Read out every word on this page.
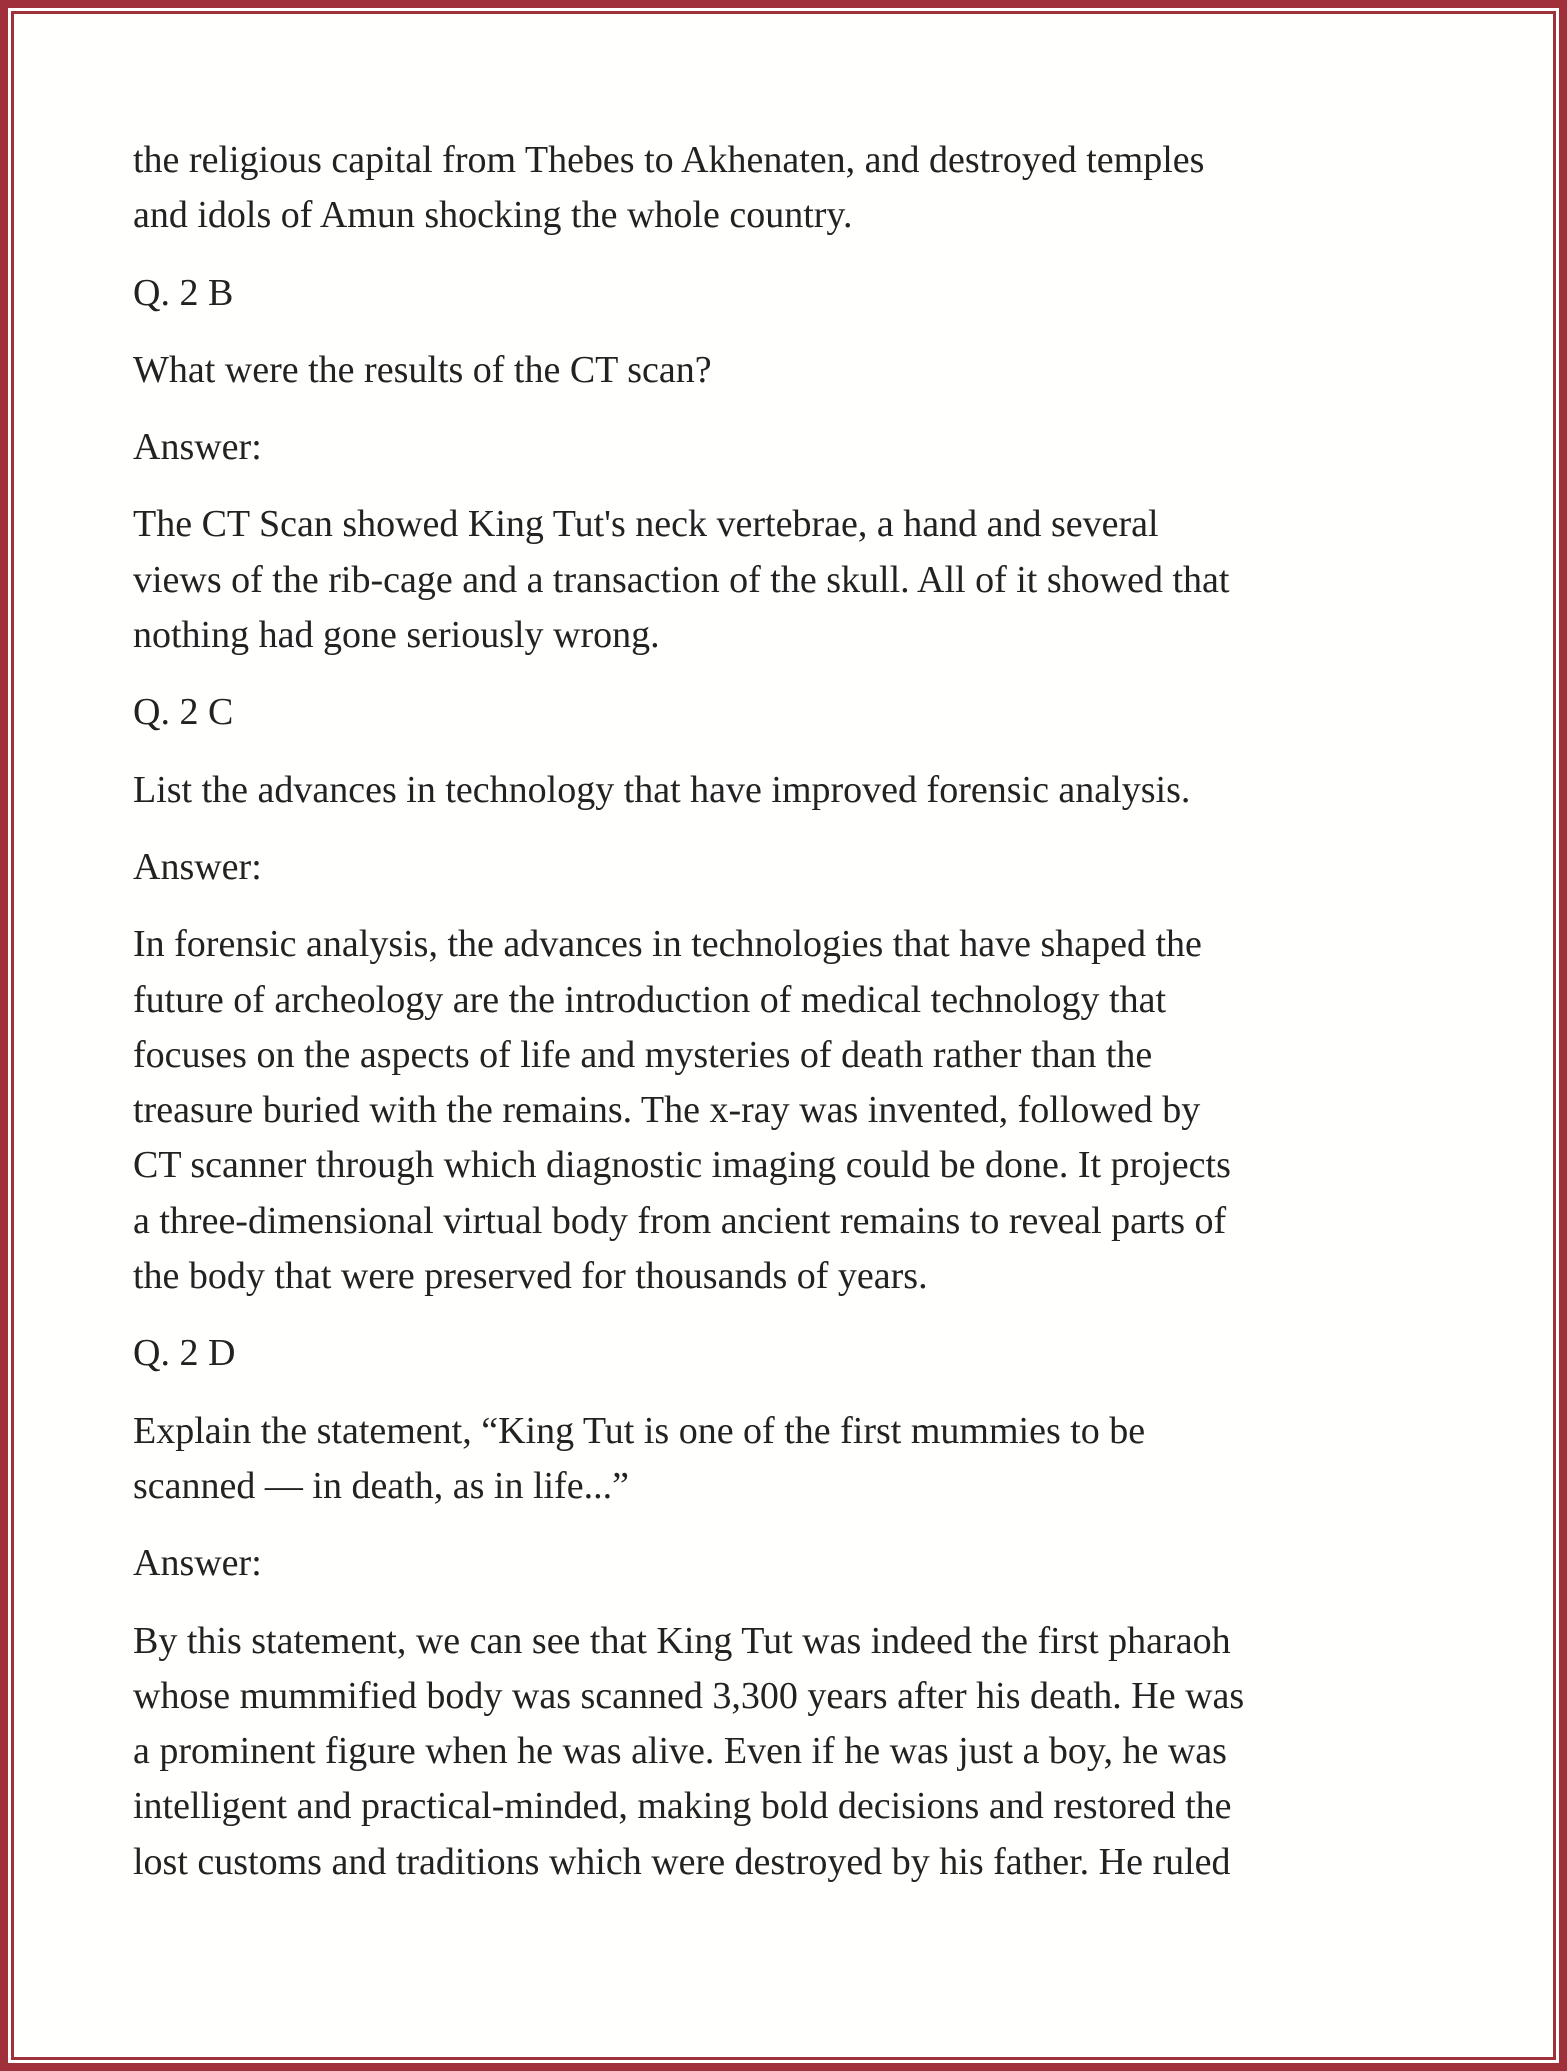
the religious capital from Thebes to Akhenaten, and destroyed temples
and idols of Amun shocking the whole country.
Q. 2 B
What were the results of the CT scan?
Answer:
The CT Scan showed King Tut's neck vertebrae, a hand and several
views of the rib-cage and a transaction of the skull. All of it showed that
nothing had gone seriously wrong.
Q. 2 C
List the advances in technology that have improved forensic analysis.
Answer:
In forensic analysis, the advances in technologies that have shaped the
future of archeology are the introduction of medical technology that
focuses on the aspects of life and mysteries of death rather than the
treasure buried with the remains. The x-ray was invented, followed by
CT scanner through which diagnostic imaging could be done. It projects
a three-dimensional virtual body from ancient remains to reveal parts of
the body that were preserved for thousands of years.
Q. 2 D
Explain the statement, “King Tut is one of the first mummies to be
scanned — in death, as in life...”
Answer:
By this statement, we can see that King Tut was indeed the first pharaoh
whose mummified body was scanned 3,300 years after his death. He was
a prominent figure when he was alive. Even if he was just a boy, he was
intelligent and practical-minded, making bold decisions and restored the
lost customs and traditions which were destroyed by his father. He ruled
